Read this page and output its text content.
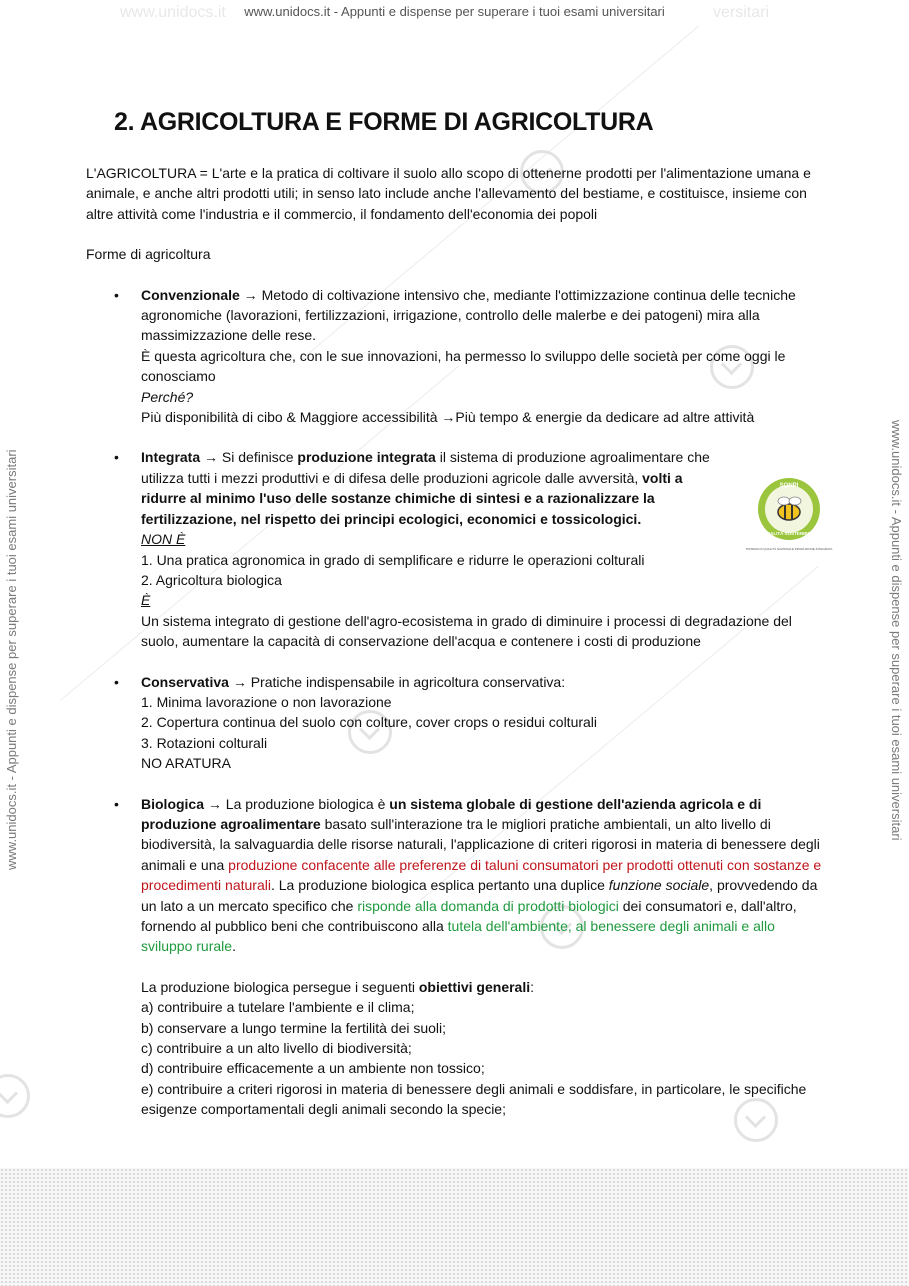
www.unidocs.it www.unidocs.it - Appunti e dispense per superare i tuoi esami universitari	versitari
www.unidocs.it - Appunti e dispense per superare i tuoi esami universitari	www.unidocs.it - Appunti e dispense per superare i tuoi esami universitari
SQNPI
QUALITÀ SOSTENIBILE
SISTEMA DI QUALITÀ NAZIONALE PRODUZIONE INTEGRATA
2. AGRICOLTURA E FORME DI AGRICOLTURA

L'AGRICOLTURA = L'arte e la pratica di coltivare il suolo allo scopo di ottenerne prodotti per l'alimentazione umana e animale, e anche altri prodotti utili; in senso lato include anche l'allevamento del bestiame, e costituisce, insieme con altre attività come l'industria e il commercio, il fondamento dell'economia dei popoli

Forme di agricoltura

• Convenzionale → Metodo di coltivazione intensivo che, mediante l'ottimizzazione continua delle tecniche agronomiche (lavorazioni, fertilizzazioni, irrigazione, controllo delle malerbe e dei patogeni) mira alla massimizzazione delle rese.
È questa agricoltura che, con le sue innovazioni, ha permesso lo sviluppo delle società per come oggi le conosciamo
Perché?
Più disponibilità di cibo & Maggiore accessibilità →Più tempo & energie da dedicare ad altre attività
• Integrata → Si definisce produzione integrata il sistema di produzione agroalimentare che utilizza tutti i mezzi produttivi e di difesa delle produzioni agricole dalle avversità, volti a ridurre al minimo l'uso delle sostanze chimiche di sintesi e a razionalizzare la fertilizzazione, nel rispetto dei principi ecologici, economici e tossicologici.
NON È
1. Una pratica agronomica in grado di semplificare e ridurre le operazioni colturali
2. Agricoltura biologica
È
Un sistema integrato di gestione dell'agro-ecosistema in grado di diminuire i processi di degradazione del suolo, aumentare la capacità di conservazione dell'acqua e contenere i costi di produzione
• Conservativa → Pratiche indispensabile in agricoltura conservativa:
1. Minima lavorazione o non lavorazione
2. Copertura continua del suolo con colture, cover crops o residui colturali
3. Rotazioni colturali
NO ARATURA
• Biologica → La produzione biologica è un sistema globale di gestione dell'azienda agricola e di produzione agroalimentare basato sull'interazione tra le migliori pratiche ambientali, un alto livello di biodiversità, la salvaguardia delle risorse naturali, l'applicazione di criteri rigorosi in materia di benessere degli animali e una produzione confacente alle preferenze di taluni consumatori per prodotti ottenuti con sostanze e procedimenti naturali. La produzione biologica esplica pertanto una duplice funzione sociale, provvedendo da un lato a un mercato specifico che risponde alla domanda di prodotti biologici dei consumatori e, dall'altro, fornendo al pubblico beni che contribuiscono alla tutela dell'ambiente, al benessere degli animali e allo sviluppo rurale.
La produzione biologica persegue i seguenti obiettivi generali:
a) contribuire a tutelare l'ambiente e il clima;
b) conservare a lungo termine la fertilità dei suoli;
c) contribuire a un alto livello di biodiversità;
d) contribuire efficacemente a un ambiente non tossico;
e) contribuire a criteri rigorosi in materia di benessere degli animali e soddisfare, in particolare, le specifiche esigenze comportamentali degli animali secondo la specie;
